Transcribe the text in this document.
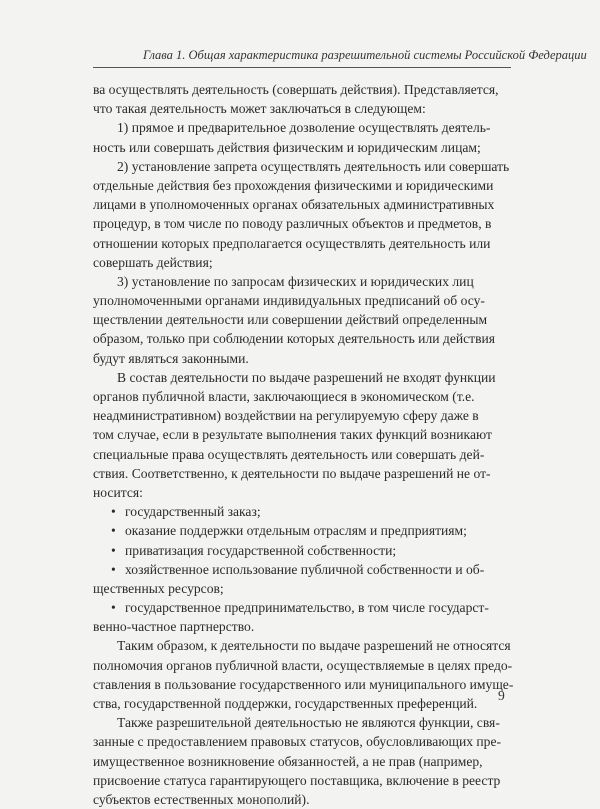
Глава 1. Общая характеристика разрешительной системы Российской Федерации
ва осуществлять деятельность (совершать действия). Представляется,
что такая деятельность может заключаться в следующем:
1) прямое и предварительное дозволение осуществлять деятель-
ность или совершать действия физическим и юридическим лицам;
2) установление запрета осуществлять деятельность или совершать
отдельные действия без прохождения физическими и юридическими
лицами в уполномоченных органах обязательных административных
процедур, в том числе по поводу различных объектов и предметов, в
отношении которых предполагается осуществлять деятельность или
совершать действия;
3) установление по запросам физических и юридических лиц
уполномоченными органами индивидуальных предписаний об осу-
ществлении деятельности или совершении действий определенным
образом, только при соблюдении которых деятельность или действия
будут являться законными.
В состав деятельности по выдаче разрешений не входят функции
органов публичной власти, заключающиеся в экономическом (т.е.
неадминистративном) воздействии на регулируемую сферу даже в
том случае, если в результате выполнения таких функций возникают
специальные права осуществлять деятельность или совершать дей-
ствия. Соответственно, к деятельности по выдаче разрешений не от-
носится:
• государственный заказ;
• оказание поддержки отдельным отраслям и предприятиям;
• приватизация государственной собственности;
• хозяйственное использование публичной собственности и об-
щественных ресурсов;
• государственное предпринимательство, в том числе государст-
венно-частное партнерство.
Таким образом, к деятельности по выдаче разрешений не относятся
полномочия органов публичной власти, осуществляемые в целях предо-
ставления в пользование государственного или муниципального имуще-
ства, государственной поддержки, государственных преференций.
Также разрешительной деятельностью не являются функции, свя-
занные с предоставлением правовых статусов, обусловливающих пре-
имущественное возникновение обязанностей, а не прав (например,
присвоение статуса гарантирующего поставщика, включение в реестр
субъектов естественных монополий).
9
